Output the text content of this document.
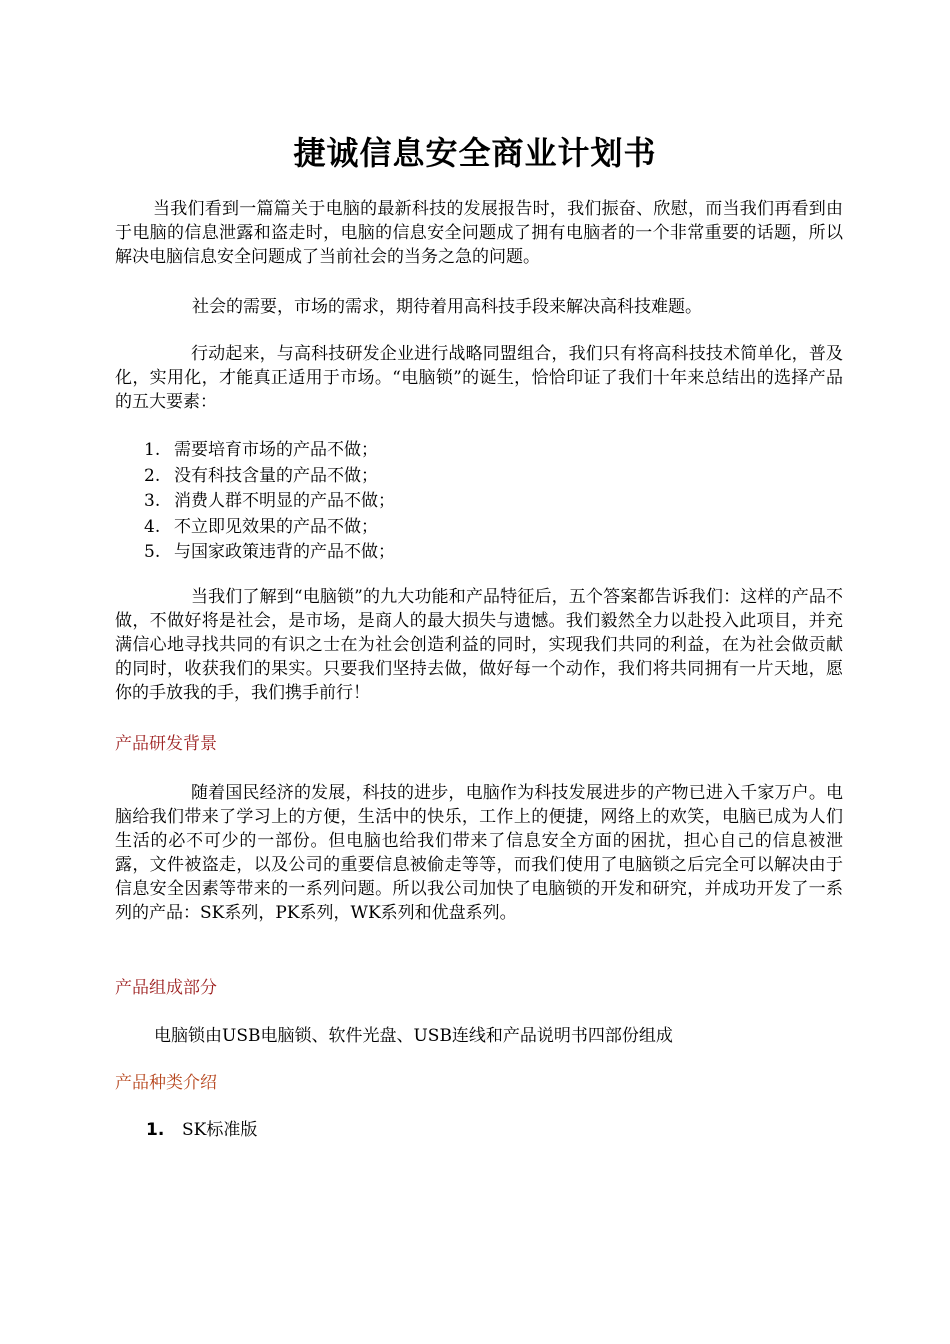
捷诚信息安全商业计划书

当我们看到一篇篇关于电脑的最新科技的发展报告时，我们振奋、欣慰，而当我们再看到由于电脑的信息泄露和盗走时，电脑的信息安全问题成了拥有电脑者的一个非常重要的话题，所以解决电脑信息安全问题成了当前社会的当务之急的问题。

社会的需要，市场的需求，期待着用高科技手段来解决高科技难题。

行动起来，与高科技研发企业进行战略同盟组合，我们只有将高科技技术简单化，普及化，实用化，才能真正适用于市场。“电脑锁”的诞生，恰恰印证了我们十年来总结出的选择产品的五大要素：

1. 需要培育市场的产品不做；
2. 没有科技含量的产品不做；
3. 消费人群不明显的产品不做；
4. 不立即见效果的产品不做；
5. 与国家政策违背的产品不做；

当我们了解到“电脑锁”的九大功能和产品特征后，五个答案都告诉我们：这样的产品不做，不做好将是社会，是市场，是商人的最大损失与遗憾。我们毅然全力以赴投入此项目，并充满信心地寻找共同的有识之士在为社会创造利益的同时，实现我们共同的利益，在为社会做贡献的同时，收获我们的果实。只要我们坚持去做，做好每一个动作，我们将共同拥有一片天地，愿你的手放我的手，我们携手前行！

产品研发背景

随着国民经济的发展，科技的进步，电脑作为科技发展进步的产物已进入千家万户。电脑给我们带来了学习上的方便，生活中的快乐，工作上的便捷，网络上的欢笑，电脑已成为人们生活的必不可少的一部份。但电脑也给我们带来了信息安全方面的困扰，担心自己的信息被泄露，文件被盗走，以及公司的重要信息被偷走等等，而我们使用了电脑锁之后完全可以解决由于信息安全因素等带来的一系列问题。所以我公司加快了电脑锁的开发和研究，并成功开发了一系列的产品：SK系列，PK系列，WK系列和优盘系列。

产品组成部分
电脑锁由USB电脑锁、软件光盘、USB连线和产品说明书四部份组成
产品种类介绍
1. SK标准版
